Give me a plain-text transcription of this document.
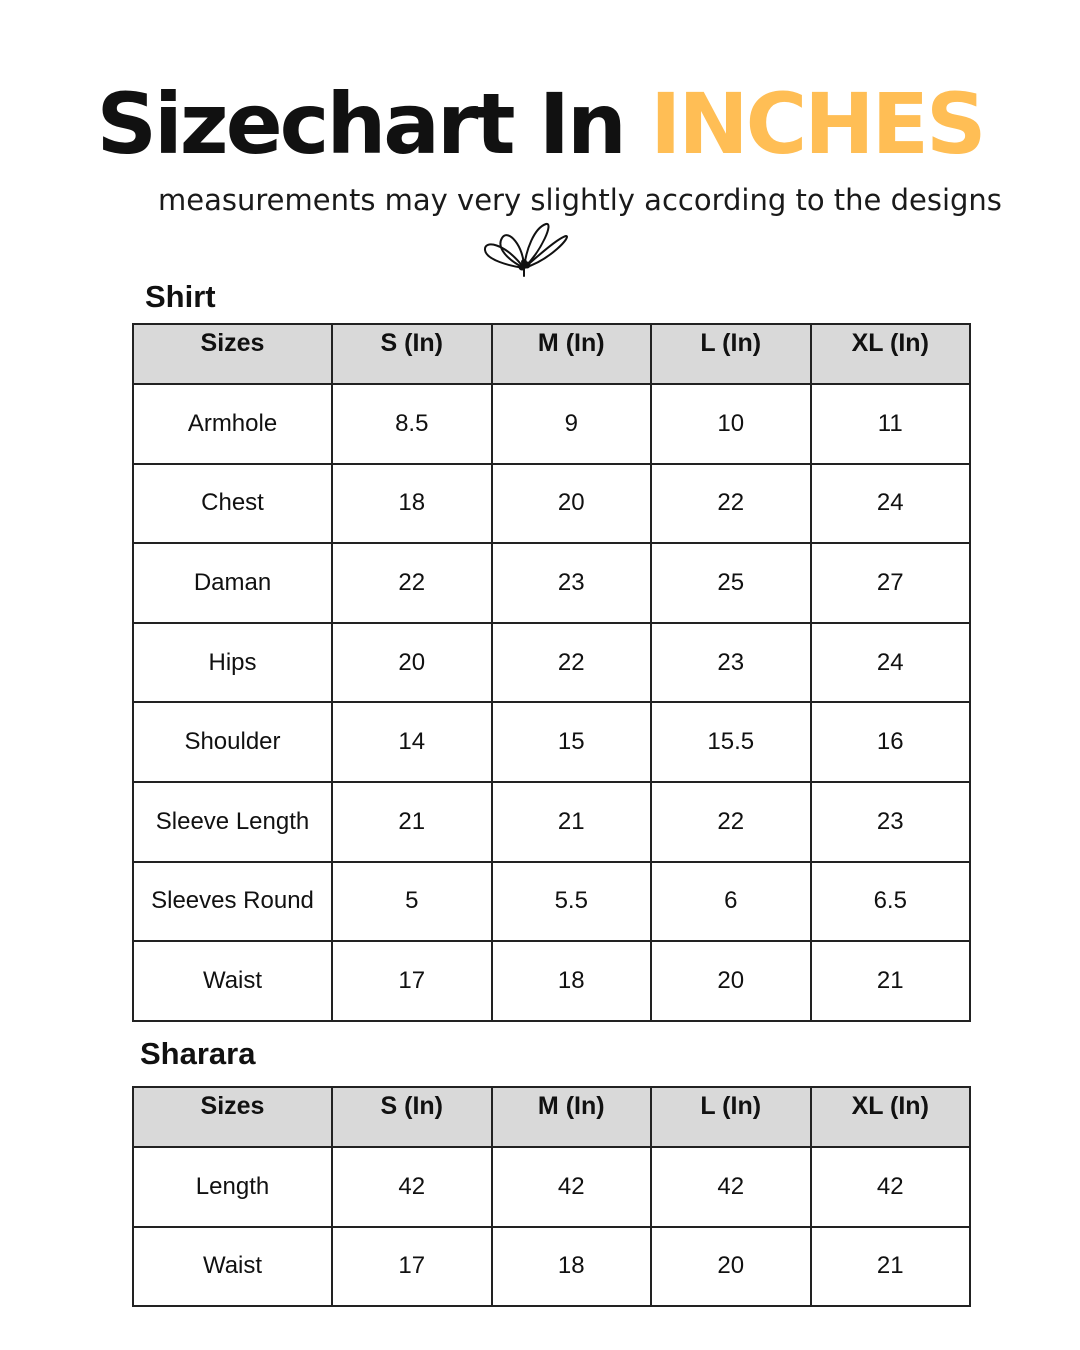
Sizechart In INCHES
measurements may very slightly according to the designs
Shirt
Sizes	S (In)	M (In)	L (In)	XL (In)
Armhole	8.5	9	10	11
Chest	18	20	22	24
Daman	22	23	25	27
Hips	20	22	23	24
Shoulder	14	15	15.5	16
Sleeve Length	21	21	22	23
Sleeves Round	5	5.5	6	6.5
Waist	17	18	20	21
Sharara
Sizes	S (In)	M (In)	L (In)	XL (In)
Length	42	42	42	42
Waist	17	18	20	21
